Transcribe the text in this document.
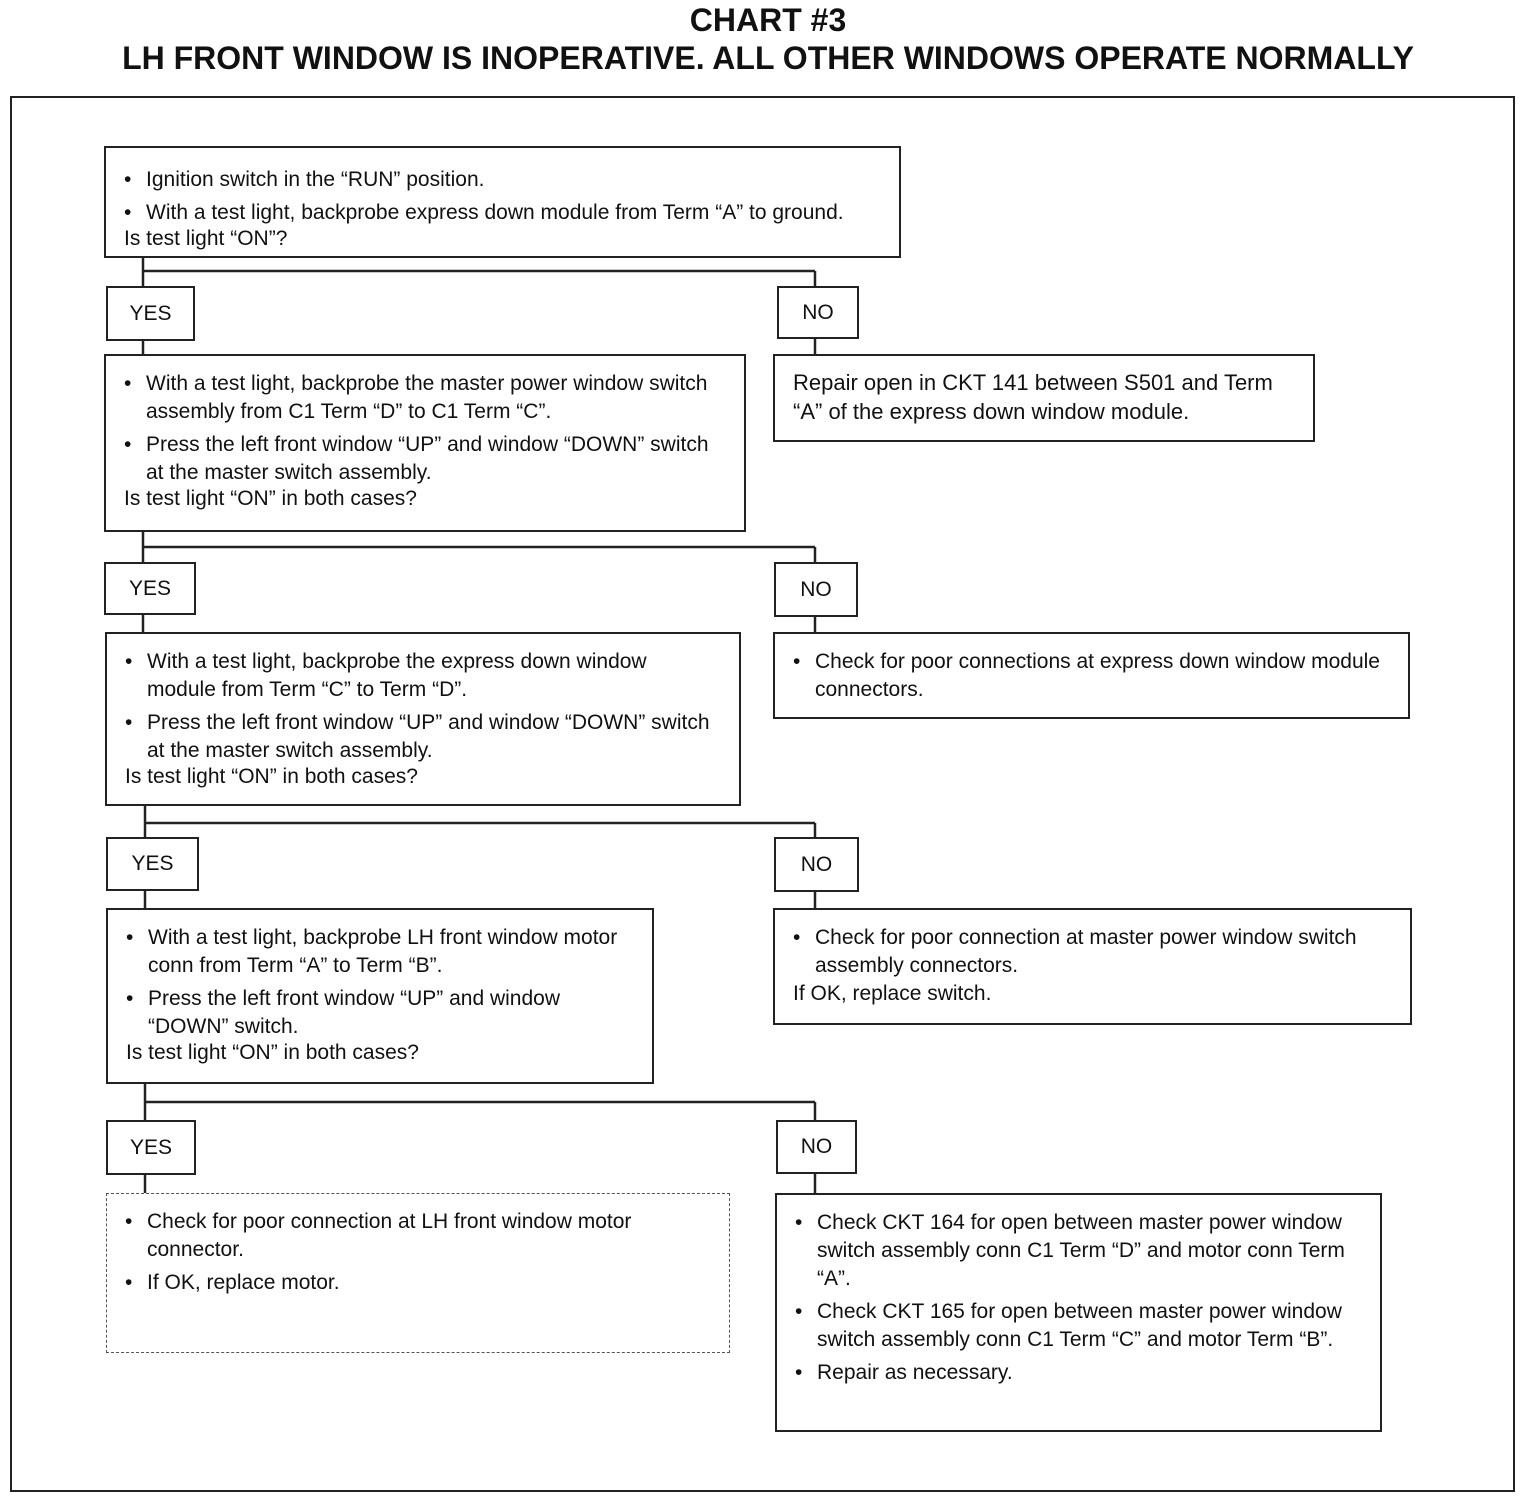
CHART #3
LH FRONT WINDOW IS INOPERATIVE. ALL OTHER WINDOWS OPERATE NORMALLY
• Ignition switch in the “RUN” position.
• With a test light, backprobe express down module from Term “A” to ground.
Is test light “ON”?
YES	NO
• With a test light, backprobe the master power window switch assembly from C1 Term “D” to C1 Term “C”.
• Press the left front window “UP” and window “DOWN” switch at the master switch assembly.
Is test light “ON” in both cases?
Repair open in CKT 141 between S501 and Term “A” of the express down window module.
YES	NO
• With a test light, backprobe the express down window module from Term “C” to Term “D”.
• Press the left front window “UP” and window “DOWN” switch at the master switch assembly.
Is test light “ON” in both cases?
• Check for poor connections at express down window module connectors.
YES	NO
• With a test light, backprobe LH front window motor conn from Term “A” to Term “B”.
• Press the left front window “UP” and window “DOWN” switch.
Is test light “ON” in both cases?
• Check for poor connection at master power window switch assembly connectors.
If OK, replace switch.
YES	NO
• Check for poor connection at LH front window motor connector.
• If OK, replace motor.
• Check CKT 164 for open between master power window switch assembly conn C1 Term “D” and motor conn Term “A”.
• Check CKT 165 for open between master power window switch assembly conn C1 Term “C” and motor Term “B”.
• Repair as necessary.
